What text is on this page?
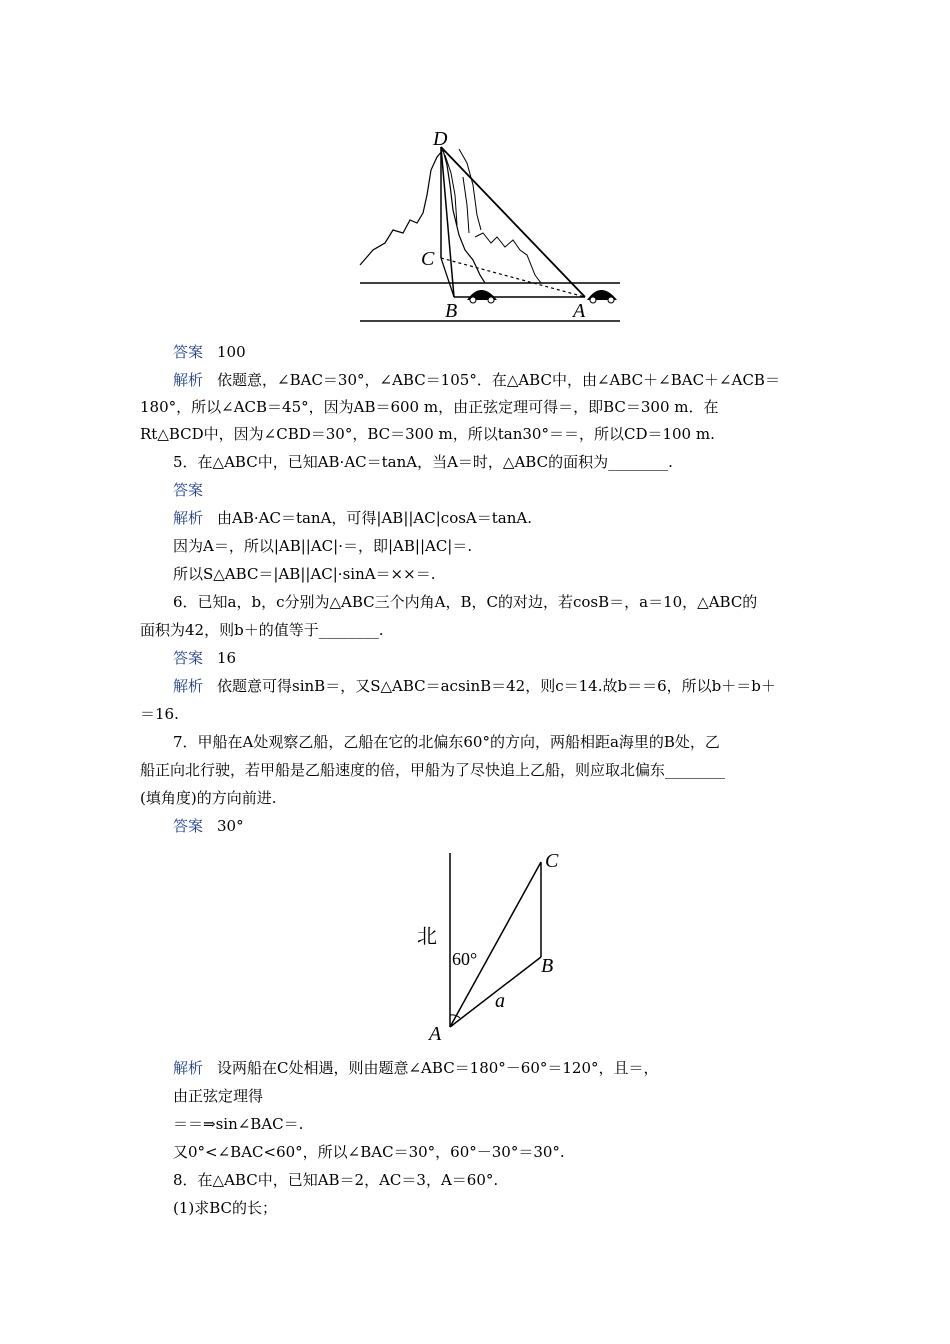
D
C
B	A
答案 100
解析 依题意，∠BAC＝30°，∠ABC＝105°．在△ABC中，由∠ABC＋∠BAC＋∠ACB＝
180°，所以∠ACB＝45°，因为AB＝600 m，由正弦定理可得＝，即BC＝300 m．在
Rt△BCD中，因为∠CBD＝30°，BC＝300 m，所以tan30°＝＝，所以CD＝100 m.
5．在△ABC中，已知AB·AC＝tanA，当A＝时，△ABC的面积为________.
答案
解析 由AB·AC＝tanA，可得|AB||AC|cosA＝tanA.
因为A＝，所以|AB||AC|·＝，即|AB||AC|＝.
所以S△ABC＝|AB||AC|·sinA＝××＝.
6．已知a，b，c分别为△ABC三个内角A，B，C的对边，若cosB＝，a＝10，△ABC的
面积为42，则b＋的值等于________.
答案 16
解析 依题意可得sinB＝，又S△ABC＝acsinB＝42，则c＝14.故b＝＝6，所以b＋＝b＋
＝16.
7．甲船在A处观察乙船，乙船在它的北偏东60°的方向，两船相距a海里的B处，乙
船正向北行驶，若甲船是乙船速度的倍，甲船为了尽快追上乙船，则应取北偏东________
(填角度)的方向前进.
答案 30°
北
60°
C
B
A
a
解析 设两船在C处相遇，则由题意∠ABC＝180°－60°＝120°，且＝，
由正弦定理得
＝＝⇒sin∠BAC＝.
又0°<∠BAC<60°，所以∠BAC＝30°，60°－30°＝30°.
8．在△ABC中，已知AB＝2，AC＝3，A＝60°.
(1)求BC的长；
